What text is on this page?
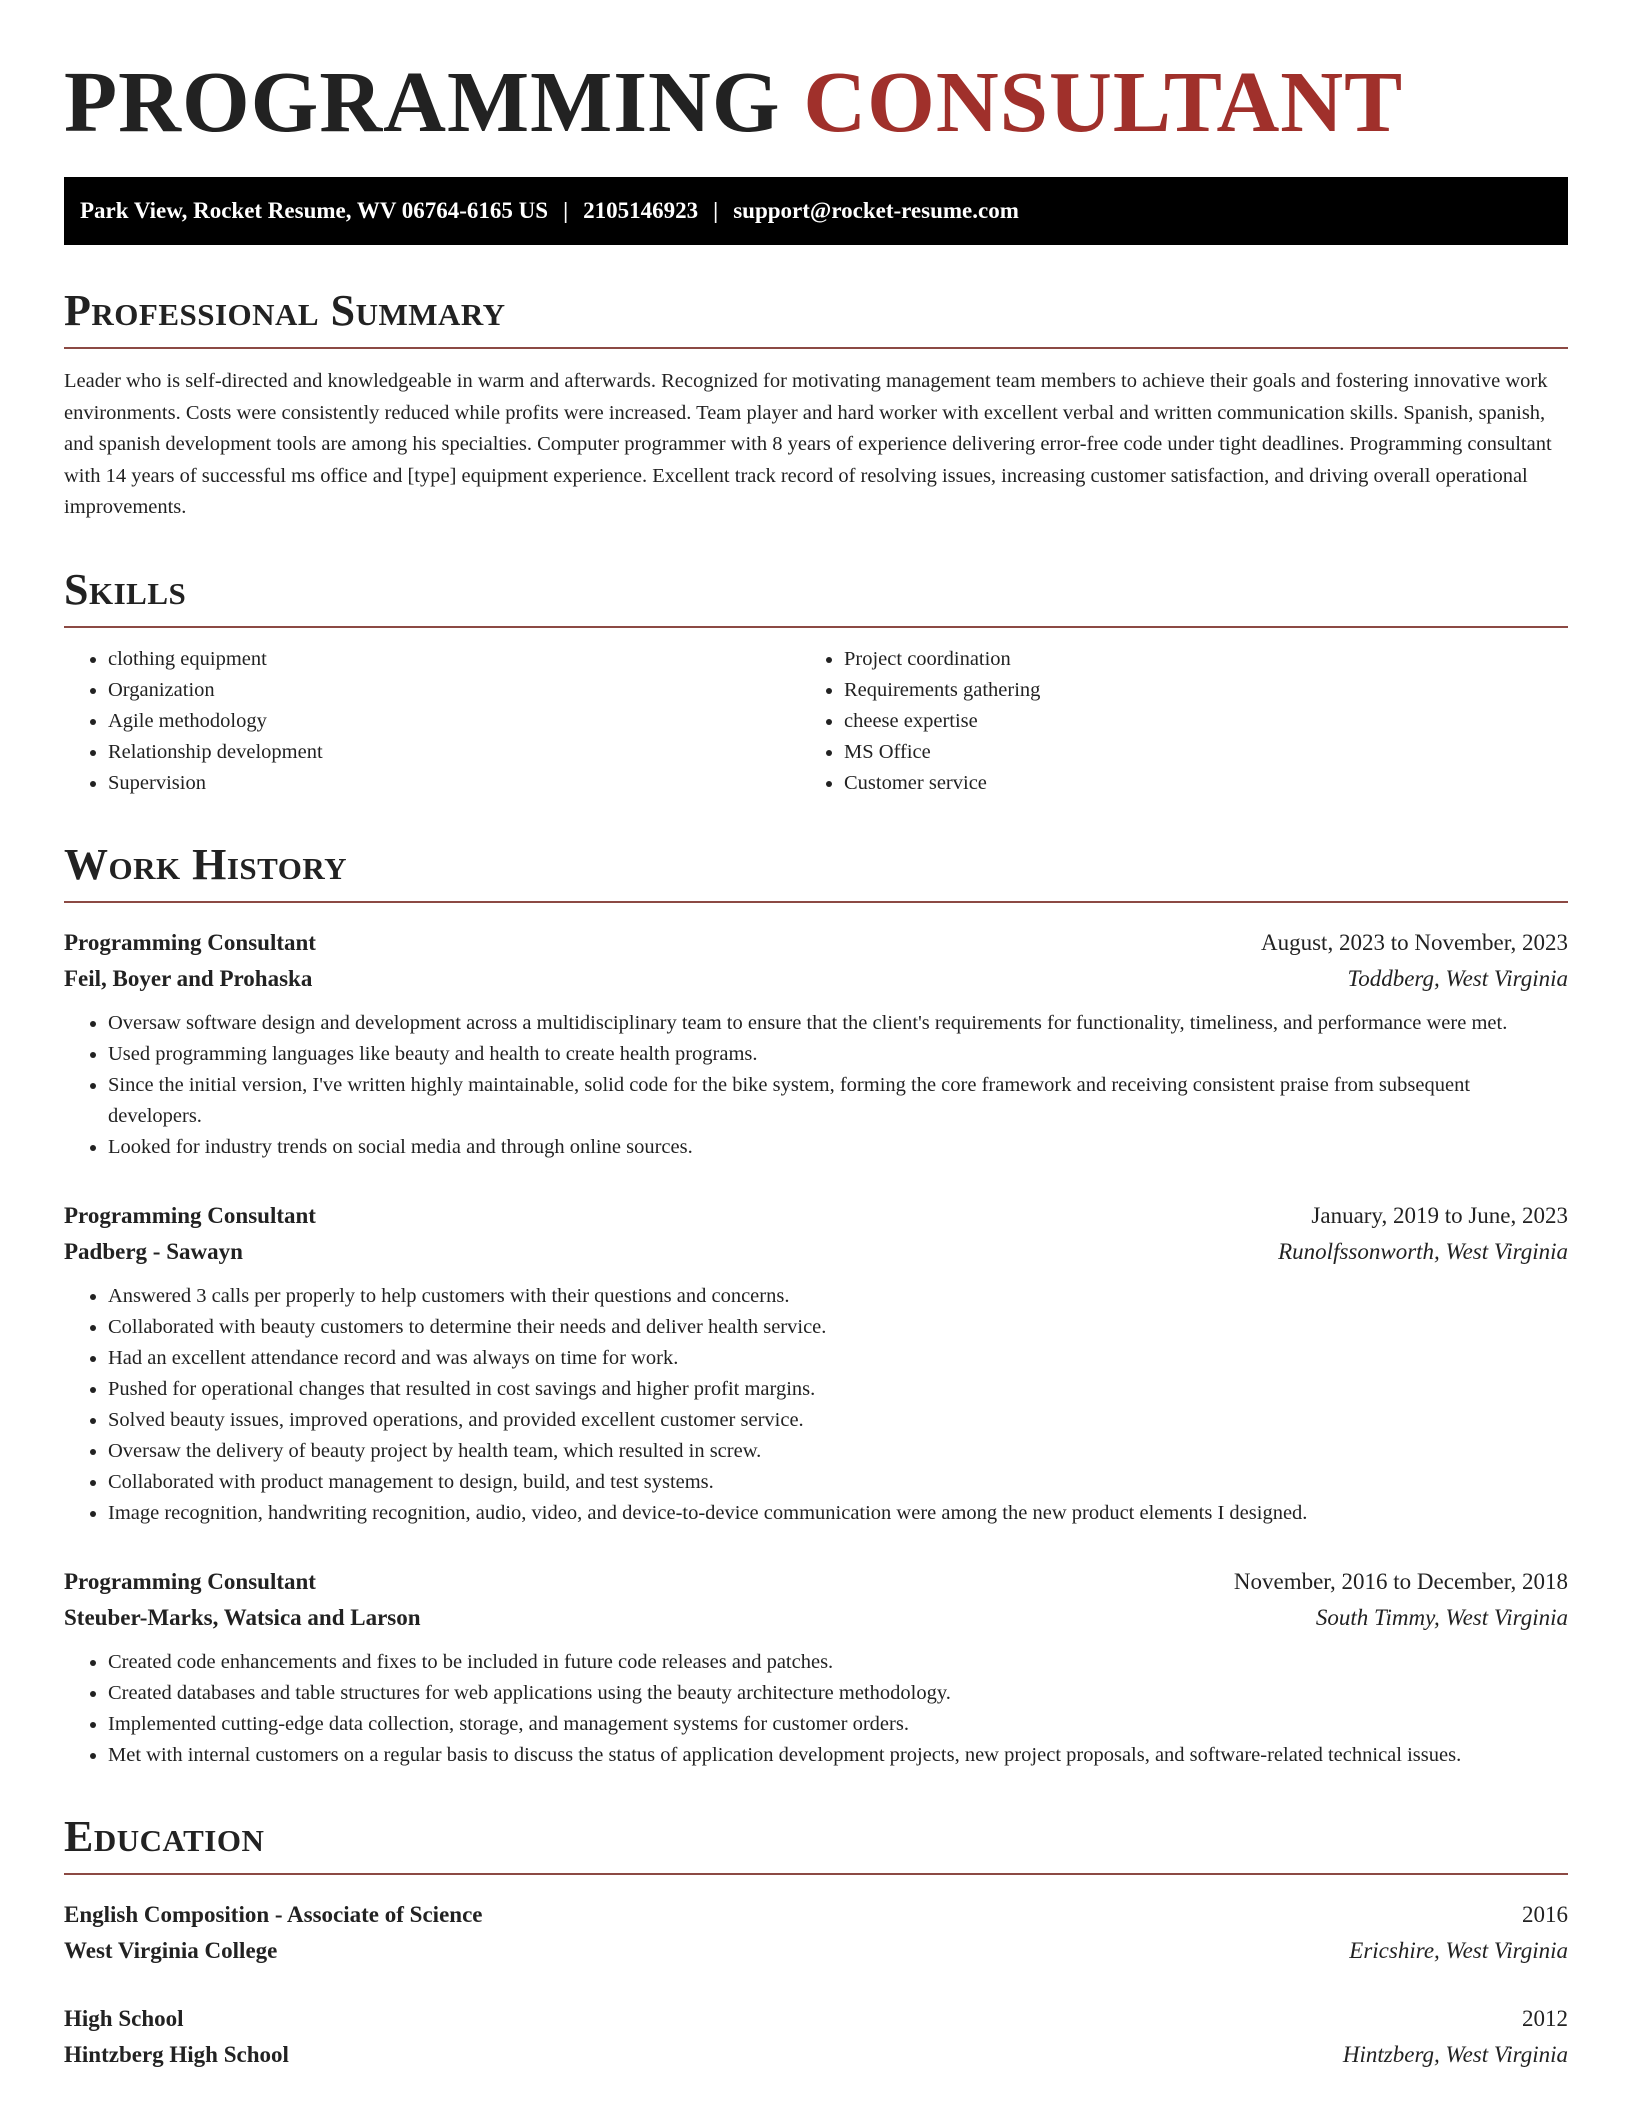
PROGRAMMING CONSULTANT
Park View, Rocket Resume, WV 06764-6165 US | 2105146923 | support@rocket-resume.com
Professional Summary

Leader who is self-directed and knowledgeable in warm and afterwards. Recognized for motivating management team members to achieve their goals and fostering innovative work environments. Costs were consistently reduced while profits were increased. Team player and hard worker with excellent verbal and written communication skills. Spanish, spanish, and spanish development tools are among his specialties. Computer programmer with 8 years of experience delivering error-free code under tight deadlines. Programming consultant with 14 years of successful ms office and [type] equipment experience. Excellent track record of resolving issues, increasing customer satisfaction, and driving overall operational improvements.

Skills
• clothing equipment
• Organization
• Agile methodology
• Relationship development
• Supervision
• Project coordination
• Requirements gathering
• cheese expertise
• MS Office
• Customer service
Work History
Programming Consultant	August, 2023 to November, 2023
Feil, Boyer and Prohaska	Toddberg, West Virginia
• Oversaw software design and development across a multidisciplinary team to ensure that the client's requirements for functionality, timeliness, and performance were met.
• Used programming languages like beauty and health to create health programs.
• Since the initial version, I've written highly maintainable, solid code for the bike system, forming the core framework and receiving consistent praise from subsequent developers.
• Looked for industry trends on social media and through online sources.
Programming Consultant	January, 2019 to June, 2023
Padberg - Sawayn	Runolfssonworth, West Virginia
• Answered 3 calls per properly to help customers with their questions and concerns.
• Collaborated with beauty customers to determine their needs and deliver health service.
• Had an excellent attendance record and was always on time for work.
• Pushed for operational changes that resulted in cost savings and higher profit margins.
• Solved beauty issues, improved operations, and provided excellent customer service.
• Oversaw the delivery of beauty project by health team, which resulted in screw.
• Collaborated with product management to design, build, and test systems.
• Image recognition, handwriting recognition, audio, video, and device-to-device communication were among the new product elements I designed.
Programming Consultant	November, 2016 to December, 2018
Steuber-Marks, Watsica and Larson	South Timmy, West Virginia
• Created code enhancements and fixes to be included in future code releases and patches.
• Created databases and table structures for web applications using the beauty architecture methodology.
• Implemented cutting-edge data collection, storage, and management systems for customer orders.
• Met with internal customers on a regular basis to discuss the status of application development projects, new project proposals, and software-related technical issues.
Education
English Composition - Associate of Science	2016
West Virginia College	Ericshire, West Virginia
High School	2012
Hintzberg High School	Hintzberg, West Virginia
